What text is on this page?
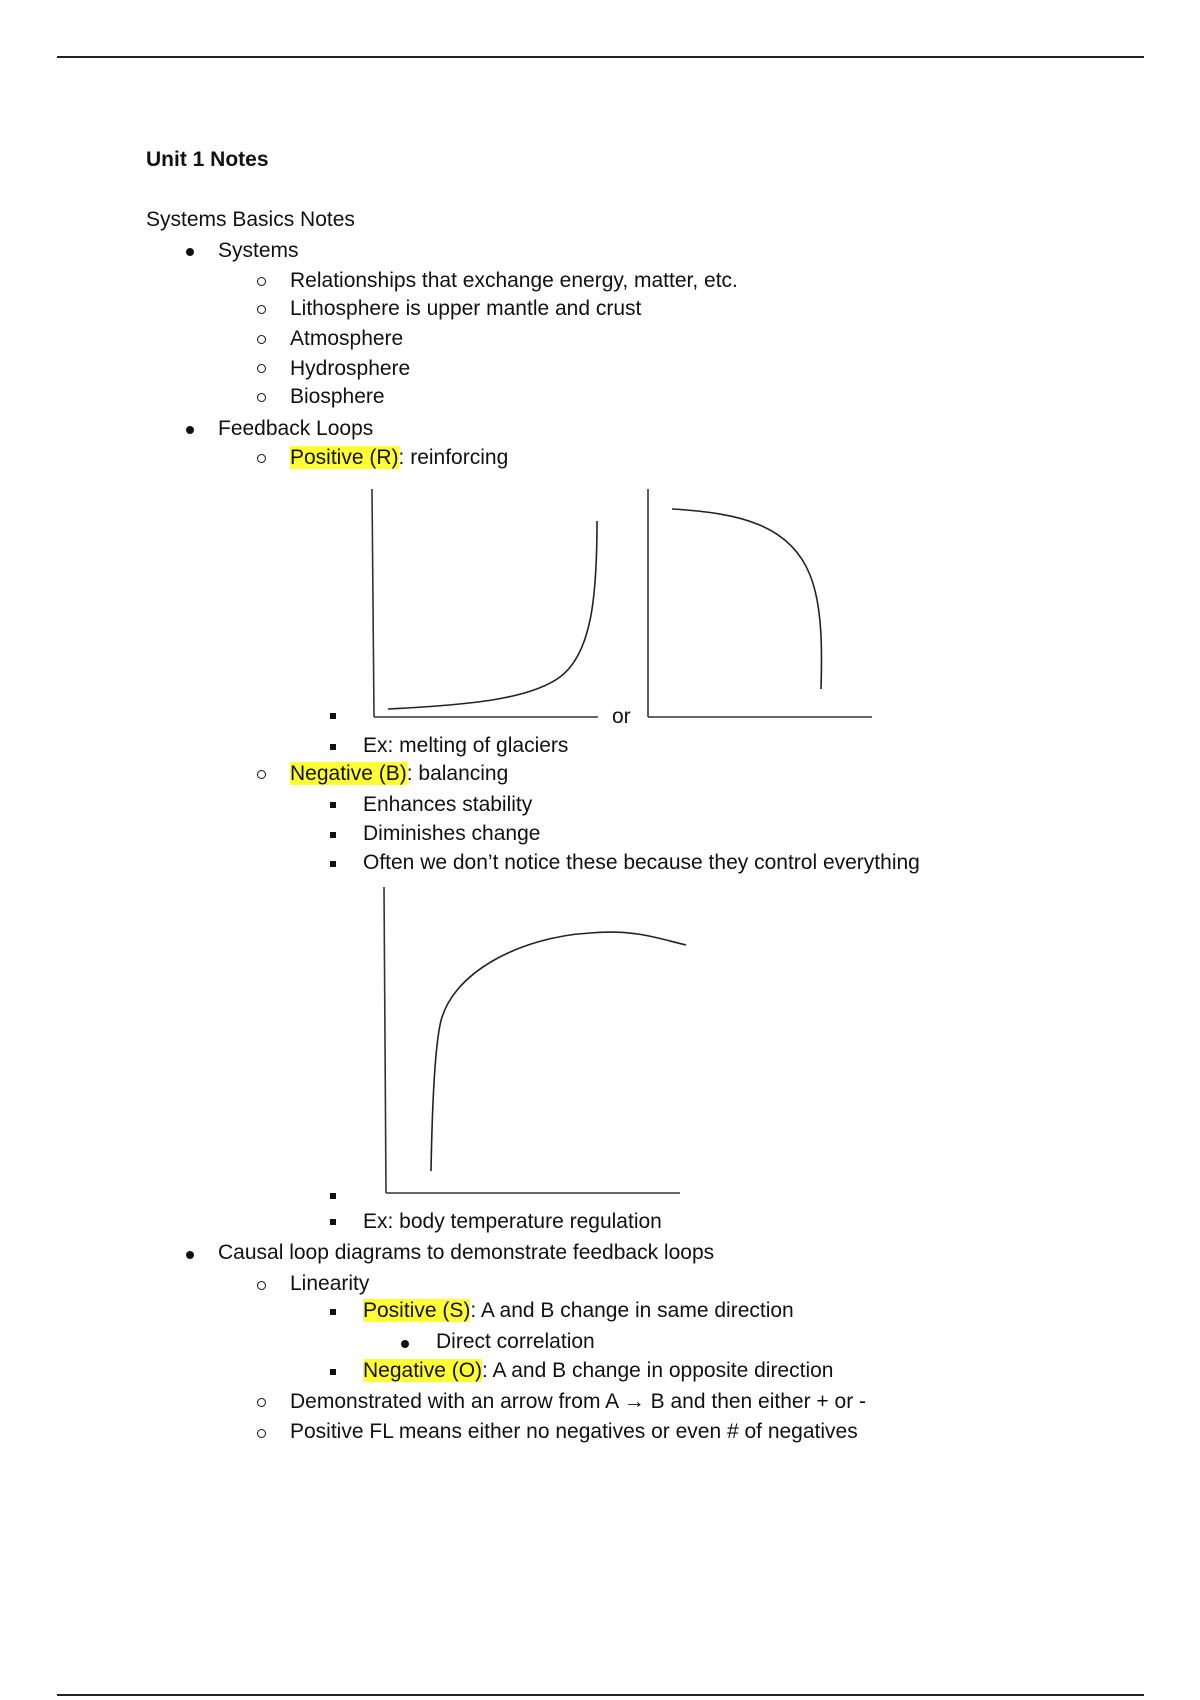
Unit 1 Notes
Systems Basics Notes
Systems
Relationships that exchange energy, matter, etc.
Lithosphere is upper mantle and crust
Atmosphere
Hydrosphere
Biosphere
Feedback Loops
Positive (R): reinforcing
or
Ex: melting of glaciers
Negative (B): balancing
Enhances stability
Diminishes change
Often we don’t notice these because they control everything
Ex: body temperature regulation
Causal loop diagrams to demonstrate feedback loops
Linearity
Positive (S): A and B change in same direction
Direct correlation
Negative (O): A and B change in opposite direction
Demonstrated with an arrow from A → B and then either + or -
Positive FL means either no negatives or even # of negatives
